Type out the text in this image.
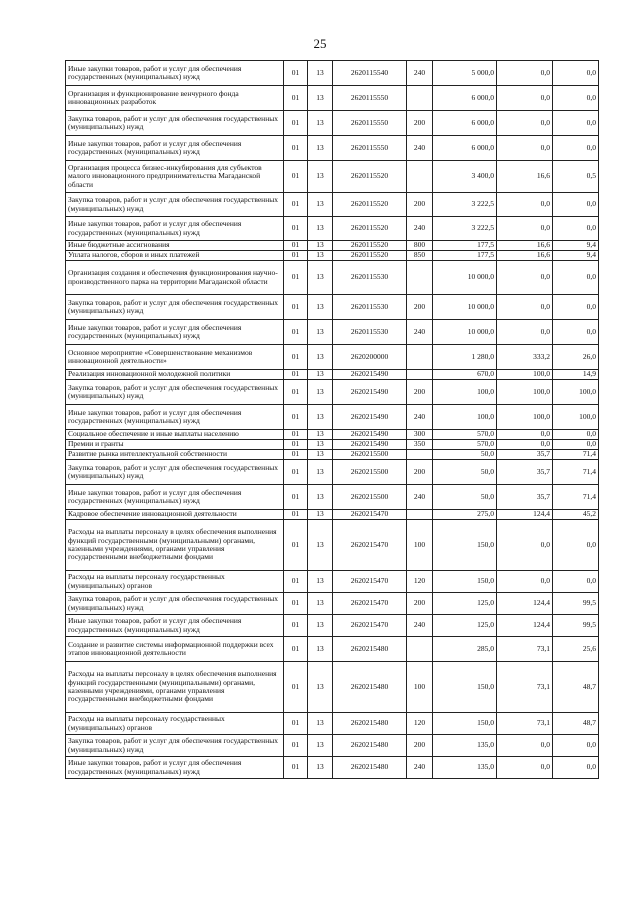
25
Иные закупки товаров, работ и услуг для обеспечения государственных (муниципальных) нужд	01	13	2620115540	240	5 000,0	0,0	0,0
Организация и функционирование венчурного фонда инновационных разработок	01	13	2620115550		6 000,0	0,0	0,0
Закупка товаров, работ и услуг для обеспечения государственных (муниципальных) нужд	01	13	2620115550	200	6 000,0	0,0	0,0
Иные закупки товаров, работ и услуг для обеспечения государственных (муниципальных) нужд	01	13	2620115550	240	6 000,0	0,0	0,0
Организация процесса бизнес-инкубирования для субъектов малого инновационного предпринимательства Магаданской области	01	13	2620115520		3 400,0	16,6	0,5
Закупка товаров, работ и услуг для обеспечения государственных (муниципальных) нужд	01	13	2620115520	200	3 222,5	0,0	0,0
Иные закупки товаров, работ и услуг для обеспечения государственных (муниципальных) нужд	01	13	2620115520	240	3 222,5	0,0	0,0
Иные бюджетные ассигнования	01	13	2620115520	800	177,5	16,6	9,4
Уплата налогов, сборов и иных платежей	01	13	2620115520	850	177,5	16,6	9,4
Организация создания и обеспечения функционирования научно-производственного парка на территории Магаданской области	01	13	2620115530		10 000,0	0,0	0,0
Закупка товаров, работ и услуг для обеспечения государственных (муниципальных) нужд	01	13	2620115530	200	10 000,0	0,0	0,0
Иные закупки товаров, работ и услуг для обеспечения государственных (муниципальных) нужд	01	13	2620115530	240	10 000,0	0,0	0,0
Основное мероприятие «Совершенствование механизмов инновационной деятельности»	01	13	2620200000		1 280,0	333,2	26,0
Реализация инновационной молодежной политики	01	13	2620215490		670,0	100,0	14,9
Закупка товаров, работ и услуг для обеспечения государственных (муниципальных) нужд	01	13	2620215490	200	100,0	100,0	100,0
Иные закупки товаров, работ и услуг для обеспечения государственных (муниципальных) нужд	01	13	2620215490	240	100,0	100,0	100,0
Социальное обеспечение и иные выплаты населению	01	13	2620215490	300	570,0	0,0	0,0
Премии и гранты	01	13	2620215490	350	570,0	0,0	0,0
Развитие рынка интеллектуальной собственности	01	13	2620215500		50,0	35,7	71,4
Закупка товаров, работ и услуг для обеспечения государственных (муниципальных) нужд	01	13	2620215500	200	50,0	35,7	71,4
Иные закупки товаров, работ и услуг для обеспечения государственных (муниципальных) нужд	01	13	2620215500	240	50,0	35,7	71,4
Кадровое обеспечение инновационной деятельности	01	13	2620215470		275,0	124,4	45,2
Расходы на выплаты персоналу в целях обеспечения выполнения функций государственными (муниципальными) органами, казенными учреждениями, органами управления государственными внебюджетными фондами	01	13	2620215470	100	150,0	0,0	0,0
Расходы на выплаты персоналу государственных (муниципальных) органов	01	13	2620215470	120	150,0	0,0	0,0
Закупка товаров, работ и услуг для обеспечения государственных (муниципальных) нужд	01	13	2620215470	200	125,0	124,4	99,5
Иные закупки товаров, работ и услуг для обеспечения государственных (муниципальных) нужд	01	13	2620215470	240	125,0	124,4	99,5
Создание и развитие системы информационной поддержки всех этапов инновационной деятельности	01	13	2620215480		285,0	73,1	25,6
Расходы на выплаты персоналу в целях обеспечения выполнения функций государственными (муниципальными) органами, казенными учреждениями, органами управления государственными внебюджетными фондами	01	13	2620215480	100	150,0	73,1	48,7
Расходы на выплаты персоналу государственных (муниципальных) органов	01	13	2620215480	120	150,0	73,1	48,7
Закупка товаров, работ и услуг для обеспечения государственных (муниципальных) нужд	01	13	2620215480	200	135,0	0,0	0,0
Иные закупки товаров, работ и услуг для обеспечения государственных (муниципальных) нужд	01	13	2620215480	240	135,0	0,0	0,0
